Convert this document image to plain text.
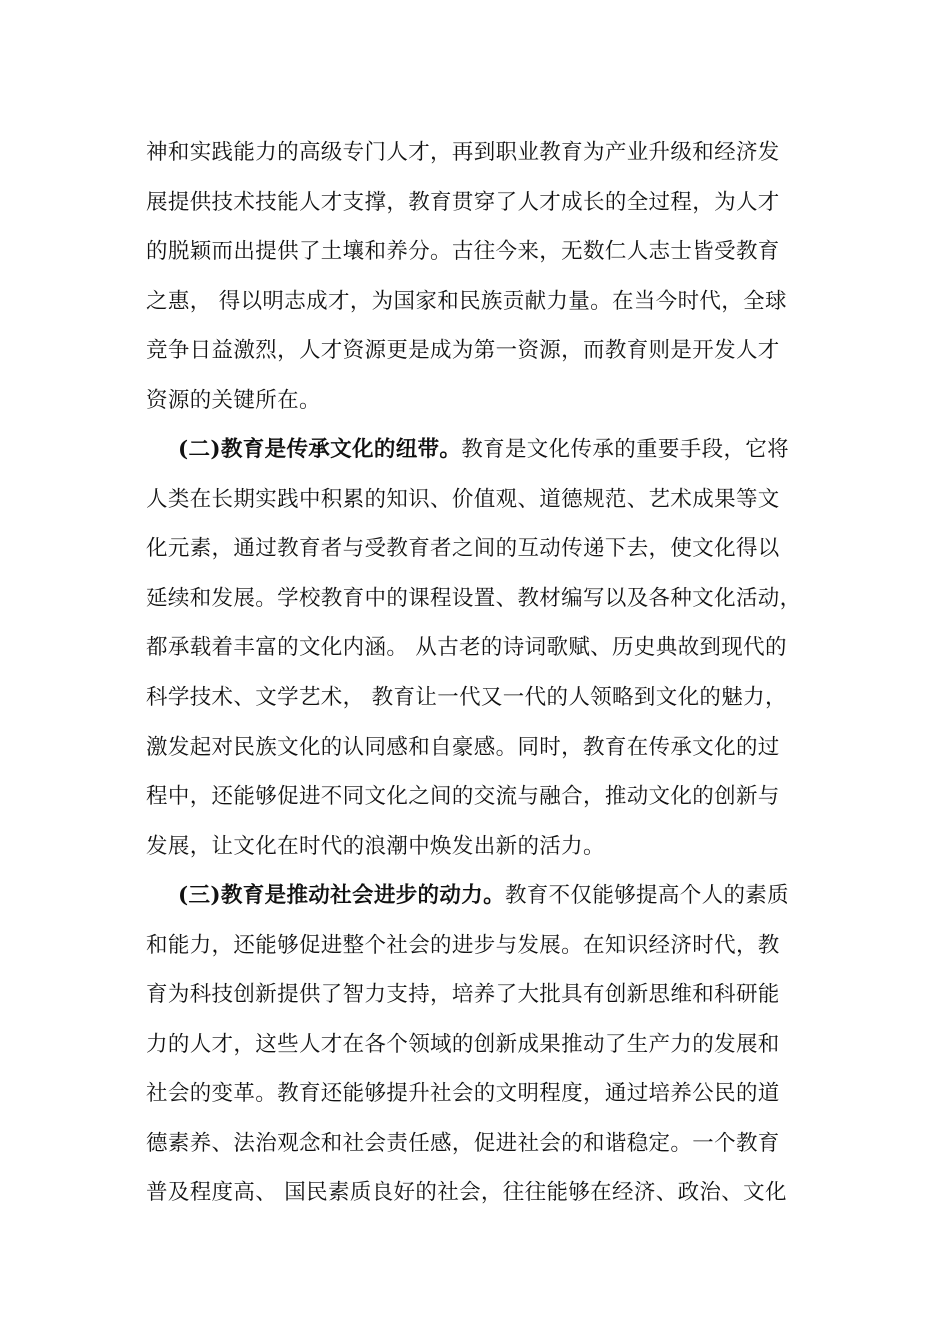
神和实践能力的高级专门人才，再到职业教育为产业升级和经济发
展提供技术技能人才支撑，教育贯穿了人才成长的全过程，为人才
的脱颖而出提供了土壤和养分。古往今来，无数仁人志士皆受教育
之惠， 得以明志成才，为国家和民族贡献力量。在当今时代，全球
竞争日益激烈，人才资源更是成为第一资源，而教育则是开发人才
资源的关键所在。
(二)教育是传承文化的纽带。教育是文化传承的重要手段，它将
人类在长期实践中积累的知识、价值观、道德规范、艺术成果等文
化元素，通过教育者与受教育者之间的互动传递下去，使文化得以
延续和发展。学校教育中的课程设置、教材编写以及各种文化活动，
都承载着丰富的文化内涵。 从古老的诗词歌赋、历史典故到现代的
科学技术、文学艺术， 教育让一代又一代的人领略到文化的魅力，
激发起对民族文化的认同感和自豪感。同时，教育在传承文化的过
程中，还能够促进不同文化之间的交流与融合，推动文化的创新与
发展，让文化在时代的浪潮中焕发出新的活力。
(三)教育是推动社会进步的动力。教育不仅能够提高个人的素质
和能力，还能够促进整个社会的进步与发展。在知识经济时代，教
育为科技创新提供了智力支持，培养了大批具有创新思维和科研能
力的人才，这些人才在各个领域的创新成果推动了生产力的发展和
社会的变革。教育还能够提升社会的文明程度，通过培养公民的道
德素养、法治观念和社会责任感，促进社会的和谐稳定。一个教育
普及程度高、 国民素质良好的社会，往往能够在经济、政治、文化
